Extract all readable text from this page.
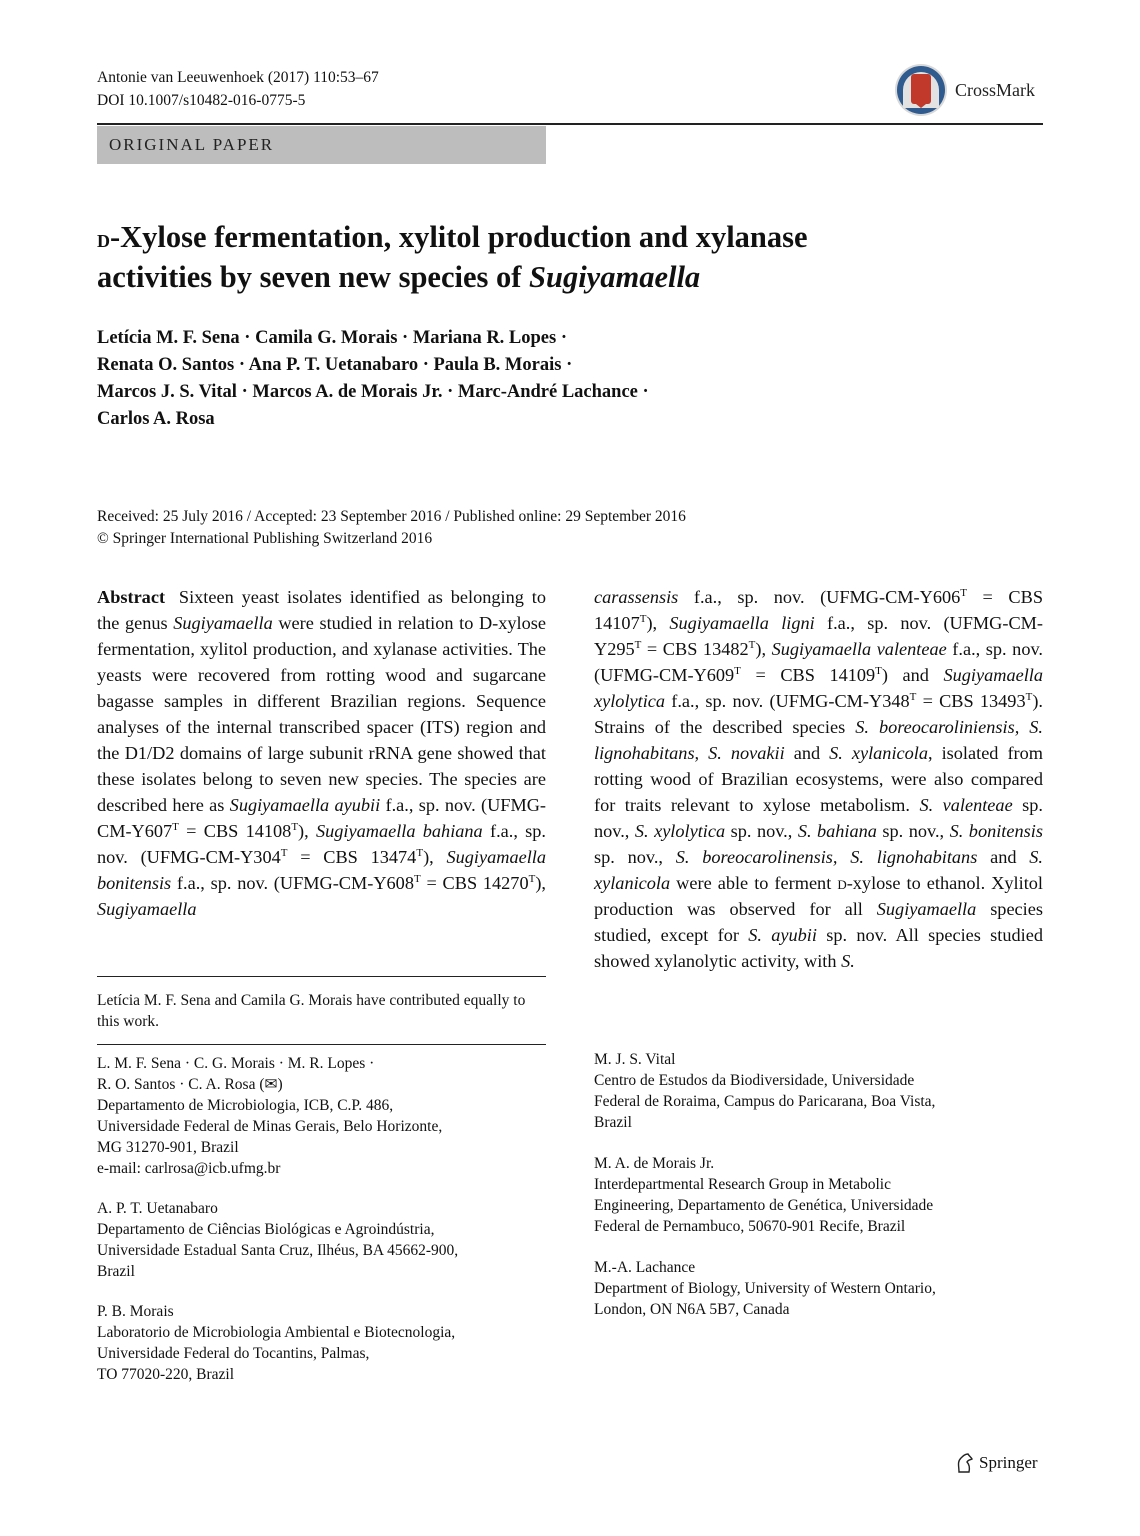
Antonie van Leeuwenhoek (2017) 110:53–67
DOI 10.1007/s10482-016-0775-5
CrossMark
ORIGINAL PAPER
d-Xylose fermentation, xylitol production and xylanase
activities by seven new species of Sugiyamaella
Letícia M. F. Sena · Camila G. Morais · Mariana R. Lopes ·
Renata O. Santos · Ana P. T. Uetanabaro · Paula B. Morais ·
Marcos J. S. Vital · Marcos A. de Morais Jr. · Marc-André Lachance ·
Carlos A. Rosa
Received: 25 July 2016 / Accepted: 23 September 2016 / Published online: 29 September 2016
© Springer International Publishing Switzerland 2016
Abstract Sixteen yeast isolates identified as belonging to the genus Sugiyamaella were studied in relation to D-xylose fermentation, xylitol production, and xylanase activities. The yeasts were recovered from rotting wood and sugarcane bagasse samples in different Brazilian regions. Sequence analyses of the internal transcribed spacer (ITS) region and the D1/D2 domains of large subunit rRNA gene showed that these isolates belong to seven new species. The species are described here as Sugiyamaella ayubii f.a., sp. nov. ($UFMG-CM-Y607^T$ = CBS $14108^T$), Sugiyamaella bahiana f.a., sp. nov. ($UFMG-CM-Y304^T$ = CBS $13474^T$), Sugiyamaella bonitensis f.a., sp. nov. ($UFMG-CM-Y608^T$ = CBS $14270^T$), Sugiyamaella
carassensis f.a., sp. nov. ($UFMG-CM-Y606^T$ = CBS $14107^T$), Sugiyamaella ligni f.a., sp. nov. ($UFMG-CM-Y295^T$ = CBS $13482^T$), Sugiyamaella valenteae f.a., sp. nov. ($UFMG-CM-Y609^T$ = CBS $14109^T$) and Sugiyamaella xylolytica f.a., sp. nov. ($UFMG-CM-Y348^T$ = CBS $13493^T$). Strains of the described species S. boreocaroliniensis, S. lignohabitans, S. novakii and S. xylanicola, isolated from rotting wood of Brazilian ecosystems, were also compared for traits relevant to xylose metabolism. S. valenteae sp. nov., S. xylolytica sp. nov., S. bahiana sp. nov., S. bonitensis sp. nov., S. boreocarolinensis, S. lignohabitans and S. xylanicola were able to ferment d-xylose to ethanol. Xylitol production was observed for all Sugiyamaella species studied, except for S. ayubii sp. nov. All species studied showed xylanolytic activity, with S.
Letícia M. F. Sena and Camila G. Morais have contributed equally to this work.
L. M. F. Sena · C. G. Morais · M. R. Lopes ·
R. O. Santos · C. A. Rosa (✉)
Departamento de Microbiologia, ICB, C.P. 486,
Universidade Federal de Minas Gerais, Belo Horizonte,
MG 31270-901, Brazil
e-mail: carlrosa@icb.ufmg.br
A. P. T. Uetanabaro
Departamento de Ciências Biológicas e Agroindústria,
Universidade Estadual Santa Cruz, Ilhéus, BA 45662-900,
Brazil
P. B. Morais
Laboratorio de Microbiologia Ambiental e Biotecnologia,
Universidade Federal do Tocantins, Palmas,
TO 77020-220, Brazil
M. J. S. Vital
Centro de Estudos da Biodiversidade, Universidade
Federal de Roraima, Campus do Paricarana, Boa Vista,
Brazil
M. A. de Morais Jr.
Interdepartmental Research Group in Metabolic
Engineering, Departamento de Genética, Universidade
Federal de Pernambuco, 50670-901 Recife, Brazil
M.-A. Lachance
Department of Biology, University of Western Ontario,
London, ON N6A 5B7, Canada
Springer
